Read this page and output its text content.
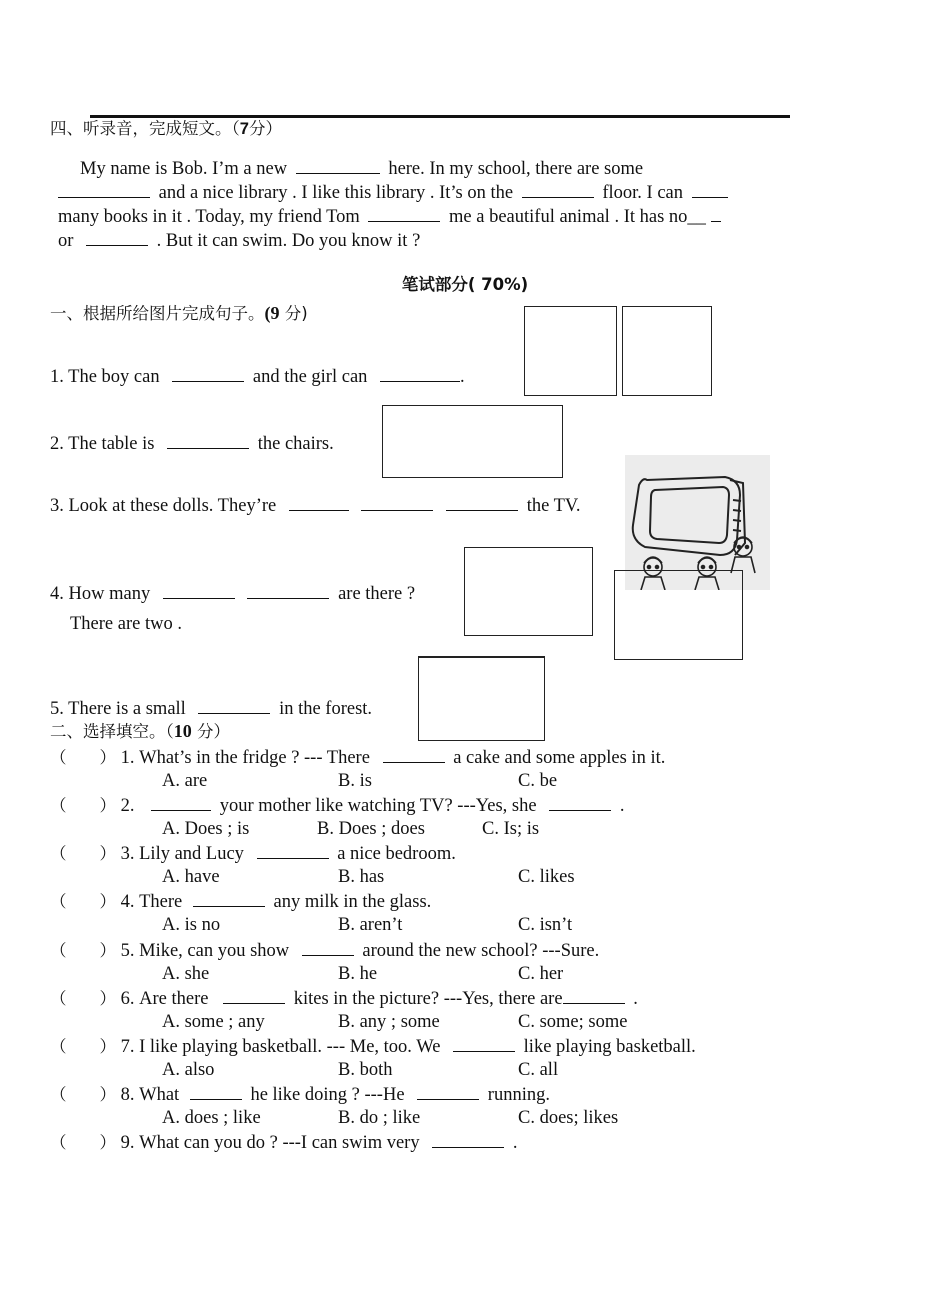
四、听录音，完成短文。（7分）
My name is Bob. I’m a new	here. In my school, there are some
and a nice library . I like this library . It’s on the	floor. I can
many books in it . Today, my friend Tom	me a beautiful animal . It has no__
or	. But it can swim. Do you know it ?
笔试部分( 70%)
一、根据所给图片完成句子。(9 分)
1. The boy can	and the girl can	.
2. The table is	the chairs.
3. Look at these dolls. They’re	the TV.
4. How many	are there ?
There are two .
5. There is a small	in the forest.
二、选择填空。（10 分）
（　　） 1. What’s in the fridge ? --- There	a cake and some apples in it.
A. are	B. is	C. be
（　　） 2.	your mother like watching TV? ---Yes, she	.
A. Does ; is	B. Does ; does	C. Is; is
（　　） 3. Lily and Lucy	a nice bedroom.
A. have	B. has	C. likes
（　　） 4. There	any milk in the glass.
A. is no	B. aren’t	C. isn’t
（　　） 5. Mike, can you show	around the new school? ---Sure.
A. she	B. he	C. her
（　　） 6. Are there	kites in the picture? ---Yes, there are	.
A. some ; any	B. any ; some	C. some; some
（　　） 7. I like playing basketball. --- Me, too. We	like playing basketball.
A. also	B. both	C. all
（　　） 8. What	he like doing ? ---He	running.
A. does ; like	B. do ; like	C. does; likes
（　　） 9. What can you do ? ---I can swim very	.
